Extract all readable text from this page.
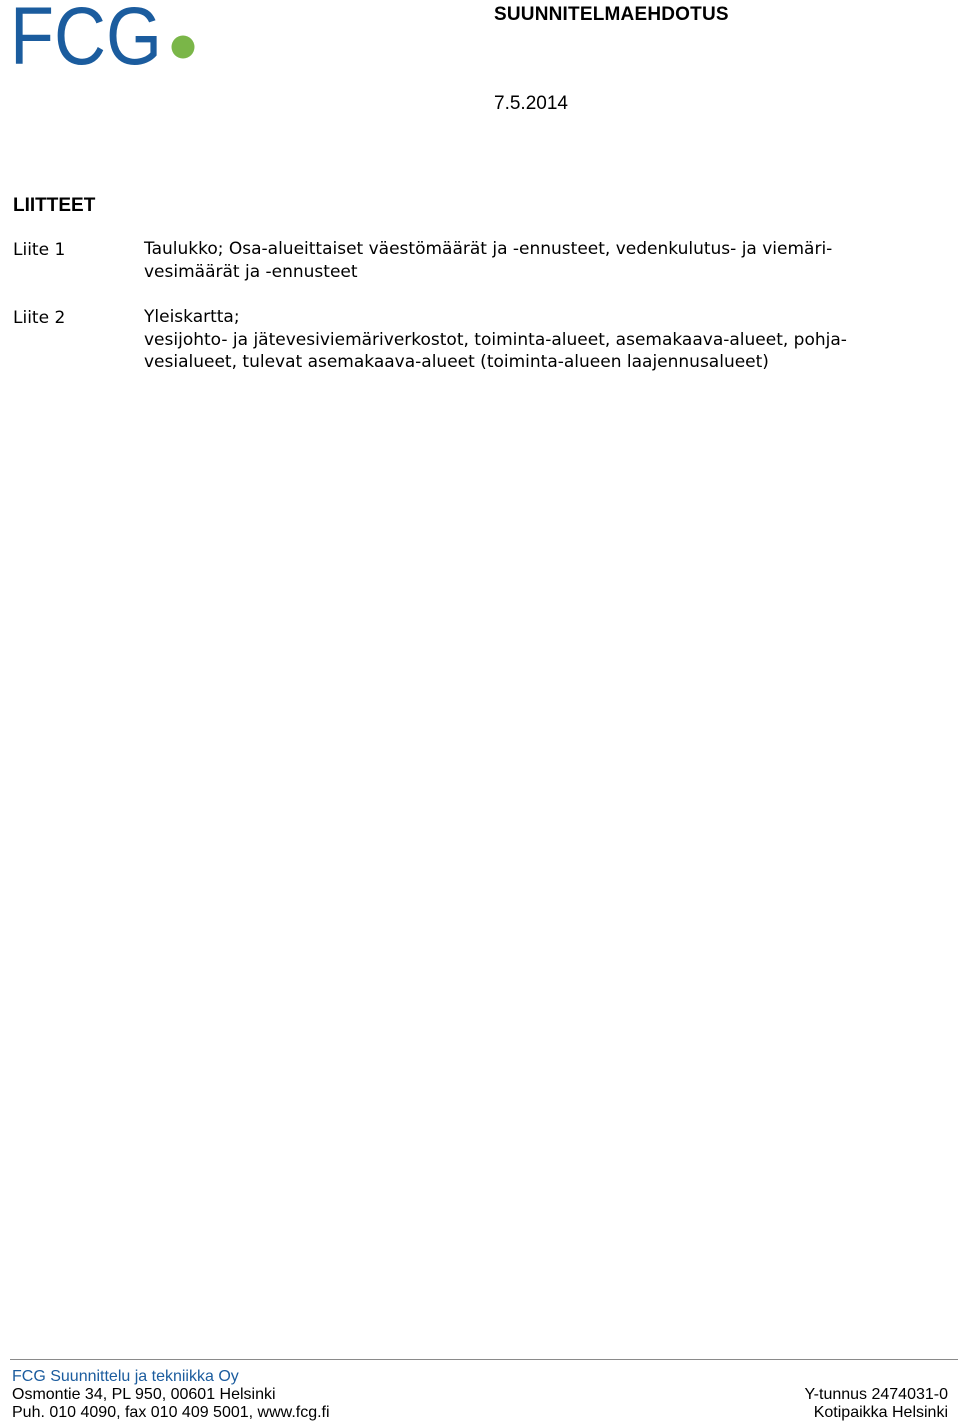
FCG	SUUNNITELMAEHDOTUS
7.5.2014
LIITTEET
Liite 1	Taulukko; Osa-alueittaiset väestömäärät ja -ennusteet, vedenkulutus- ja viemäri-
vesimäärät ja -ennusteet
Liite 2	Yleiskartta;
vesijohto- ja jätevesiviemäriverkostot, toiminta-alueet, asemakaava-alueet, pohja-
vesialueet, tulevat asemakaava-alueet (toiminta-alueen laajennusalueet)
FCG Suunnittelu ja tekniikka Oy
Osmontie 34, PL 950, 00601 Helsinki	Y-tunnus 2474031-0
Puh. 010 4090, fax 010 409 5001, www.fcg.fi	Kotipaikka Helsinki
